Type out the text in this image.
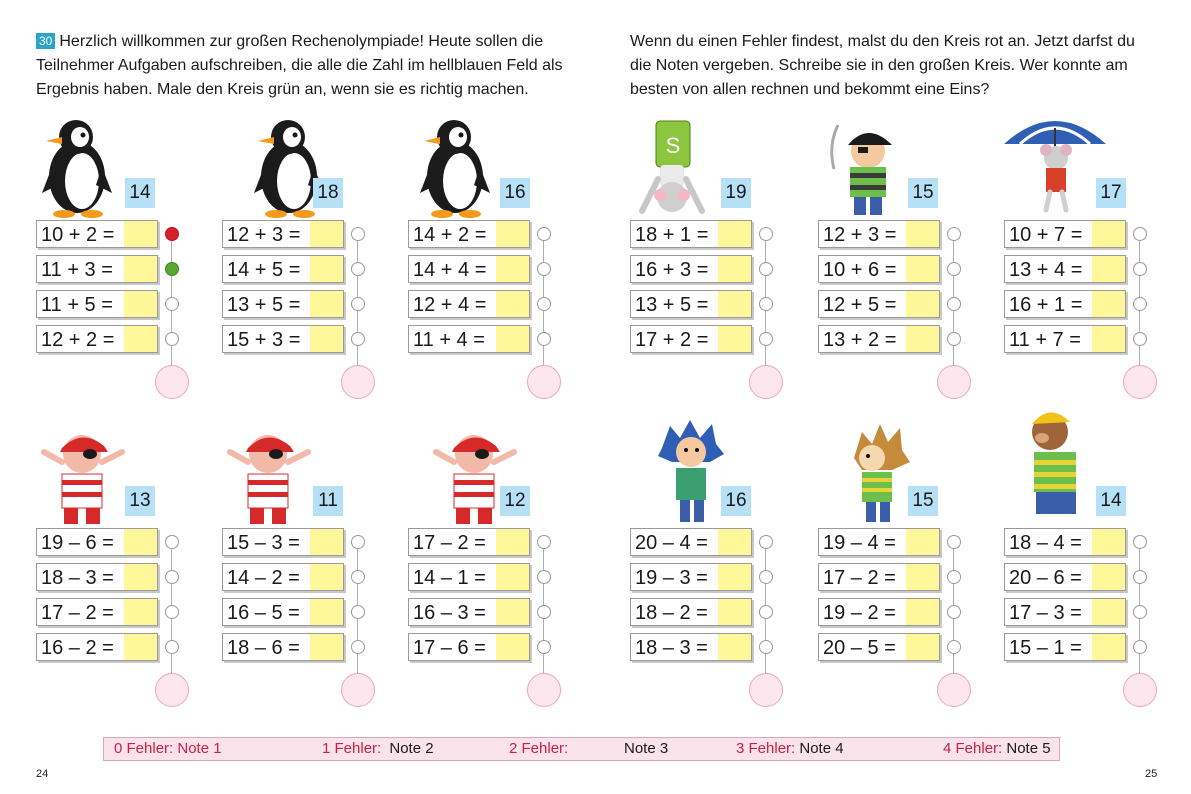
30 Herzlich willkommen zur großen Rechenolympiade! Heute sollen die Teilnehmer Aufgaben aufschreiben, die alle die Zahl im hellblauen Feld als Ergebnis haben. Male den Kreis grün an, wenn sie es richtig machen.

Wenn du einen Fehler findest, malst du den Kreis rot an. Jetzt darfst du die Noten vergeben. Schreibe sie in den großen Kreis. Wer konnte am besten von allen rechnen und bekommt eine Eins?

14
10 + 2 =
11 + 3 =
11 + 5 =
12 + 2 =
18
12 + 3 =
14 + 5 =
13 + 5 =
15 + 3 =
16
14 + 2 =
14 + 4 =
12 + 4 =
11 + 4 =
S
19
18 + 1 =
16 + 3 =
13 + 5 =
17 + 2 =
15
12 + 3 =
10 + 6 =
12 + 5 =
13 + 2 =
17
10 + 7 =
13 + 4 =
16 + 1 =
11 + 7 =
13
19 – 6 =
18 – 3 =
17 – 2 =
16 – 2 =
11
15 – 3 =
14 – 2 =
16 – 5 =
18 – 6 =
12
17 – 2 =
14 – 1 =
16 – 3 =
17 – 6 =
16
20 – 4 =
19 – 3 =
18 – 2 =
18 – 3 =
15
19 – 4 =
17 – 2 =
19 – 2 =
20 – 5 =
14
18 – 4 =
20 – 6 =
17 – 3 =
15 – 1 =
0 Fehler: Note 1	1 Fehler: Note 2	2 Fehler:	Note 3	3 Fehler: Note 4	4 Fehler: Note 5
24	25
